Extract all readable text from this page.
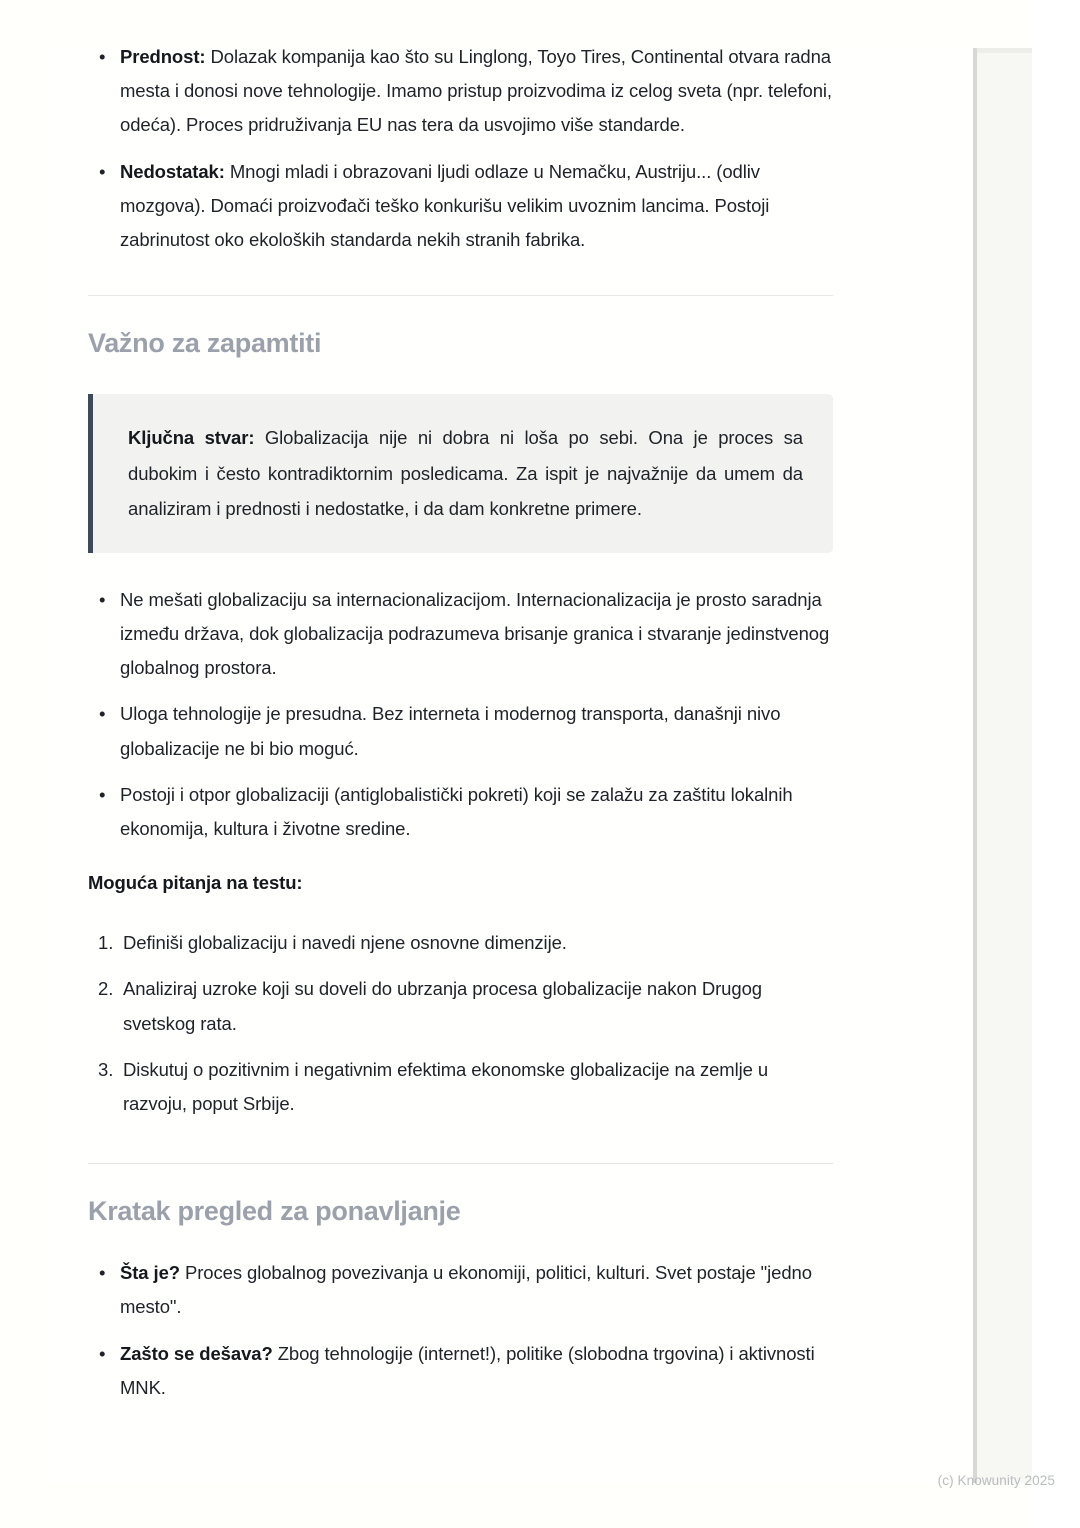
• Prednost: Dolazak kompanija kao što su Linglong, Toyo Tires, Continental otvara radna mesta i donosi nove tehnologije. Imamo pristup proizvodima iz celog sveta (npr. telefoni, odeća). Proces pridruživanja EU nas tera da usvojimo više standarde.
• Nedostatak: Mnogi mladi i obrazovani ljudi odlaze u Nemačku, Austriju... (odliv mozgova). Domaći proizvođači teško konkurišu velikim uvoznim lancima. Postoji zabrinutost oko ekoloških standarda nekih stranih fabrika.
Važno za zapamtiti

Ključna stvar: Globalizacija nije ni dobra ni loša po sebi. Ona je proces sa dubokim i često kontradiktornim posledicama. Za ispit je najvažnije da umem da analiziram i prednosti i nedostatke, i da dam konkretne primere.

• Ne mešati globalizaciju sa internacionalizacijom. Internacionalizacija je prosto saradnja između država, dok globalizacija podrazumeva brisanje granica i stvaranje jedinstvenog globalnog prostora.
• Uloga tehnologije je presudna. Bez interneta i modernog transporta, današnji nivo globalizacije ne bi bio moguć.
• Postoji i otpor globalizaciji (antiglobalistički pokreti) koji se zalažu za zaštitu lokalnih ekonomija, kultura i životne sredine.

Moguća pitanja na testu:

1. Definiši globalizaciju i navedi njene osnovne dimenzije.
2. Analiziraj uzroke koji su doveli do ubrzanja procesa globalizacije nakon Drugog svetskog rata.
3. Diskutuj o pozitivnim i negativnim efektima ekonomske globalizacije na zemlje u razvoju, poput Srbije.
Kratak pregled za ponavljanje
• Šta je? Proces globalnog povezivanja u ekonomiji, politici, kulturi. Svet postaje "jedno mesto".
• Zašto se dešava? Zbog tehnologije (internet!), politike (slobodna trgovina) i aktivnosti MNK.
(c) Knowunity 2025
